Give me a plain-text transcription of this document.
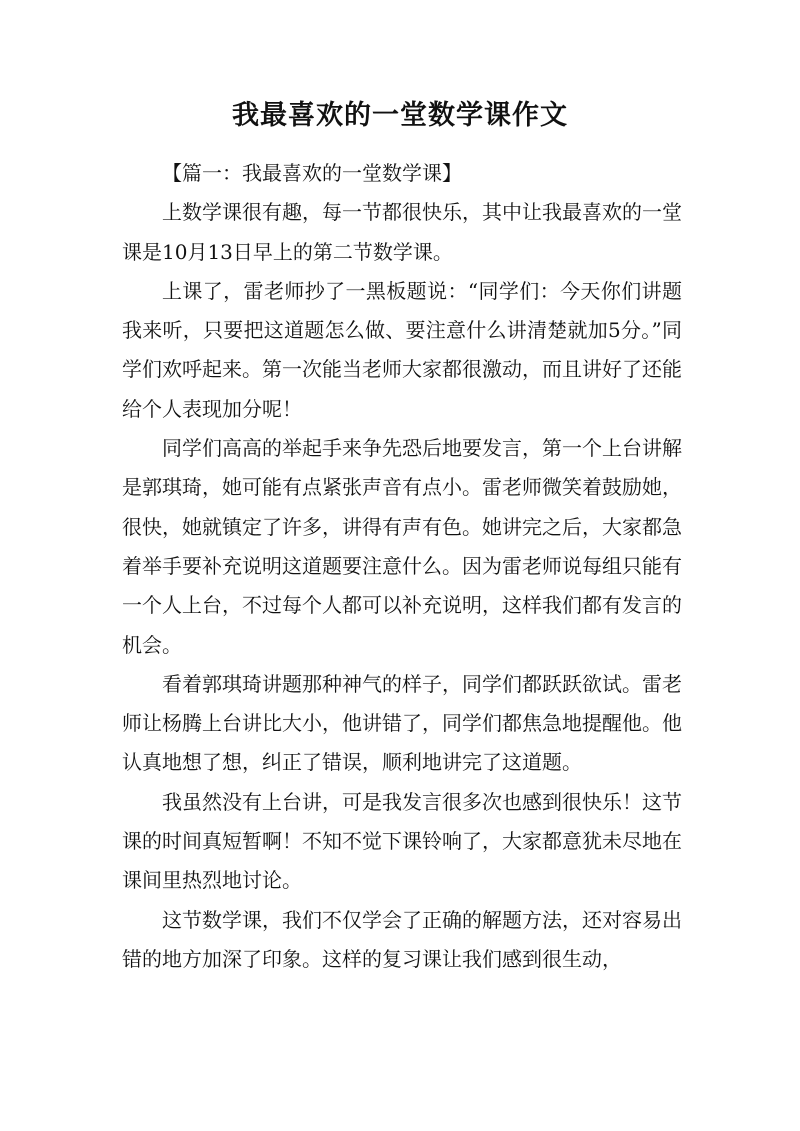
我最喜欢的一堂数学课作文

【篇一：我最喜欢的一堂数学课】

上数学课很有趣，每一节都很快乐，其中让我最喜欢的一堂课是10月13日早上的第二节数学课。

上课了，雷老师抄了一黑板题说：“同学们：今天你们讲题我来听，只要把这道题怎么做、要注意什么讲清楚就加5分。”同学们欢呼起来。第一次能当老师大家都很激动，而且讲好了还能给个人表现加分呢！

同学们高高的举起手来争先恐后地要发言，第一个上台讲解是郭琪琦，她可能有点紧张声音有点小。雷老师微笑着鼓励她，很快，她就镇定了许多，讲得有声有色。她讲完之后，大家都急着举手要补充说明这道题要注意什么。因为雷老师说每组只能有一个人上台，不过每个人都可以补充说明，这样我们都有发言的机会。

看着郭琪琦讲题那种神气的样子，同学们都跃跃欲试。雷老师让杨腾上台讲比大小，他讲错了，同学们都焦急地提醒他。他认真地想了想，纠正了错误，顺利地讲完了这道题。

我虽然没有上台讲，可是我发言很多次也感到很快乐！这节课的时间真短暂啊！不知不觉下课铃响了，大家都意犹未尽地在课间里热烈地讨论。

这节数学课，我们不仅学会了正确的解题方法，还对容易出错的地方加深了印象。这样的复习课让我们感到很生动，
